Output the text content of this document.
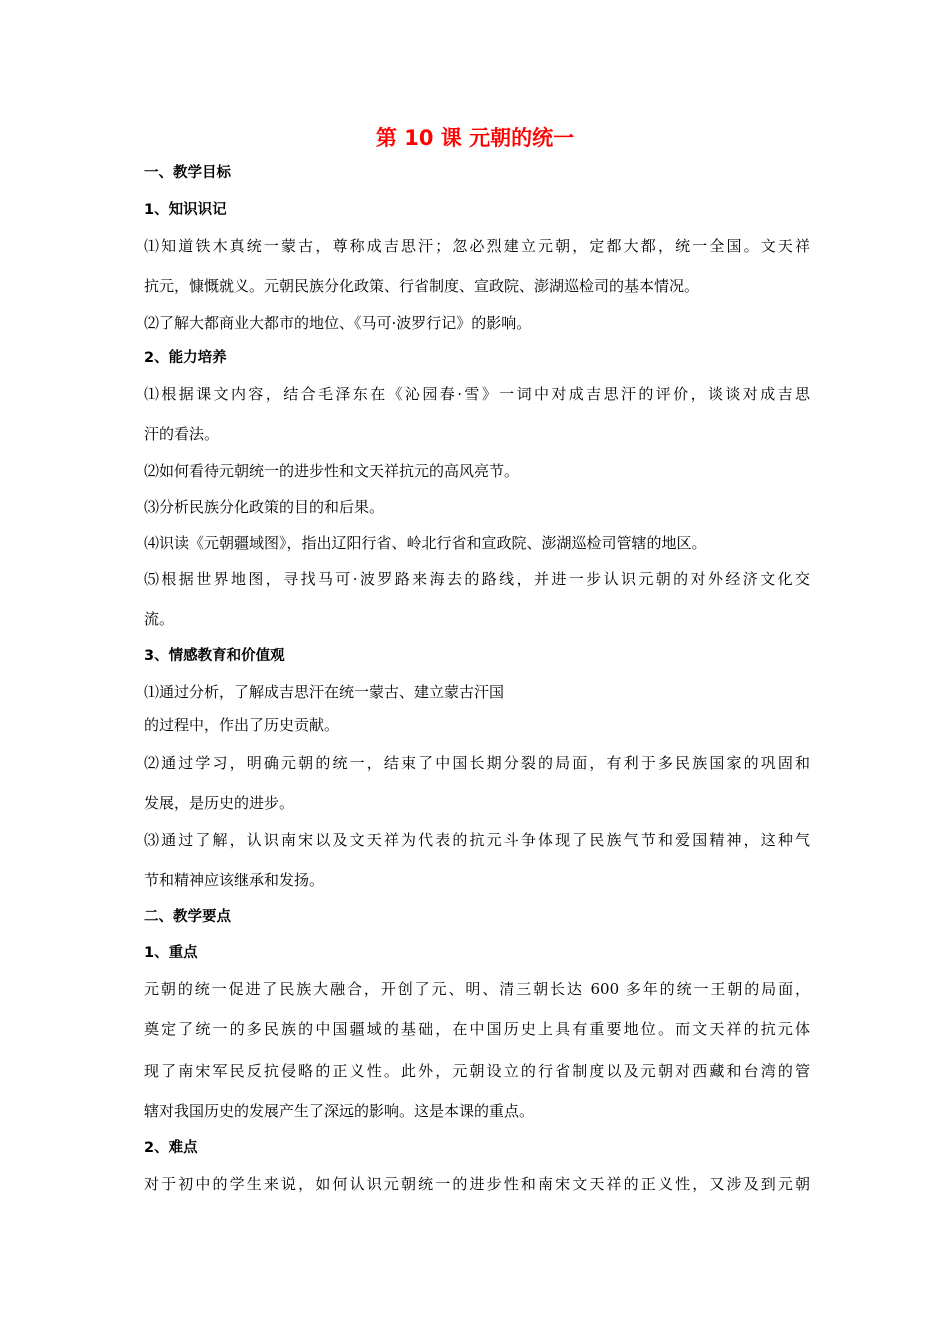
第 10 课 元朝的统一
一、教学目标
1、知识识记
⑴知道铁木真统一蒙古，尊称成吉思汗；忽必烈建立元朝，定都大都，统一全国。文天祥
抗元，慷慨就义。元朝民族分化政策、行省制度、宣政院、澎湖巡检司的基本情况。
⑵了解大都商业大都市的地位、《马可·波罗行记》的影响。
2、能力培养
⑴根据课文内容，结合毛泽东在《沁园春·雪》一词中对成吉思汗的评价，谈谈对成吉思
汗的看法。
⑵如何看待元朝统一的进步性和文天祥抗元的高风亮节。
⑶分析民族分化政策的目的和后果。
⑷识读《元朝疆域图》，指出辽阳行省、岭北行省和宣政院、澎湖巡检司管辖的地区。
⑸根据世界地图，寻找马可·波罗路来海去的路线，并进一步认识元朝的对外经济文化交
流。
3、情感教育和价值观
⑴通过分析，了解成吉思汗在统一蒙古、建立蒙古汗国
的过程中，作出了历史贡献。
⑵通过学习，明确元朝的统一，结束了中国长期分裂的局面，有利于多民族国家的巩固和
发展，是历史的进步。
⑶通过了解，认识南宋以及文天祥为代表的抗元斗争体现了民族气节和爱国精神，这种气
节和精神应该继承和发扬。
二、教学要点
1、重点
元朝的统一促进了民族大融合，开创了元、明、清三朝长达 600 多年的统一王朝的局面，
奠定了统一的多民族的中国疆域的基础，在中国历史上具有重要地位。而文天祥的抗元体
现了南宋军民反抗侵略的正义性。此外，元朝设立的行省制度以及元朝对西藏和台湾的管
辖对我国历史的发展产生了深远的影响。这是本课的重点。
2、难点
对于初中的学生来说，如何认识元朝统一的进步性和南宋文天祥的正义性，又涉及到元朝
